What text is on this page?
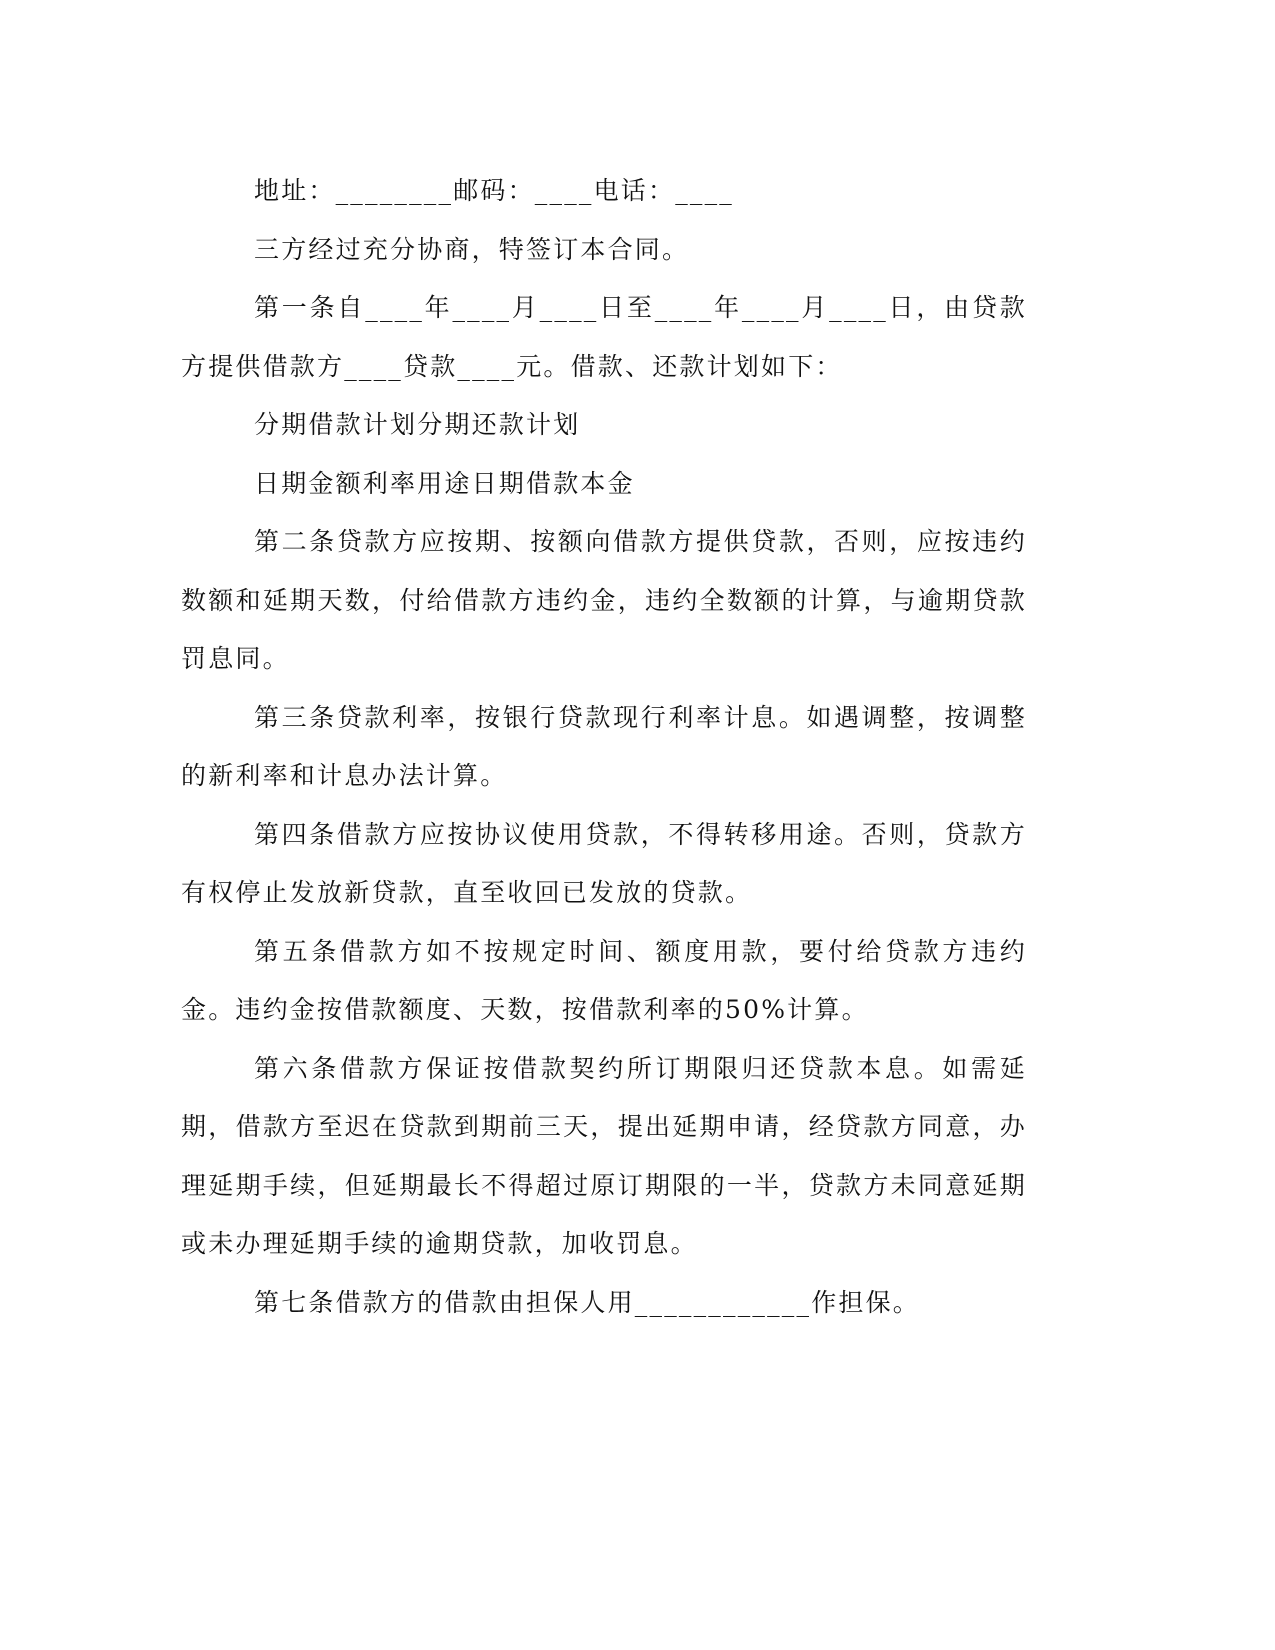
地址：________邮码：____电话：____

三方经过充分协商，特签订本合同。

第一条自____年____月____日至____年____月____日，由贷款方提供借款方____贷款____元。借款、还款计划如下：

分期借款计划分期还款计划

日期金额利率用途日期借款本金

第二条贷款方应按期、按额向借款方提供贷款，否则，应按违约数额和延期天数，付给借款方违约金，违约全数额的计算，与逾期贷款罚息同。

第三条贷款利率，按银行贷款现行利率计息。如遇调整，按调整的新利率和计息办法计算。

第四条借款方应按协议使用贷款，不得转移用途。否则，贷款方有权停止发放新贷款，直至收回已发放的贷款。

第五条借款方如不按规定时间、额度用款，要付给贷款方违约金。违约金按借款额度、天数，按借款利率的50%计算。

第六条借款方保证按借款契约所订期限归还贷款本息。如需延期，借款方至迟在贷款到期前三天，提出延期申请，经贷款方同意，办理延期手续，但延期最长不得超过原订期限的一半，贷款方未同意延期或未办理延期手续的逾期贷款，加收罚息。

第七条借款方的借款由担保人用____________作担保。
